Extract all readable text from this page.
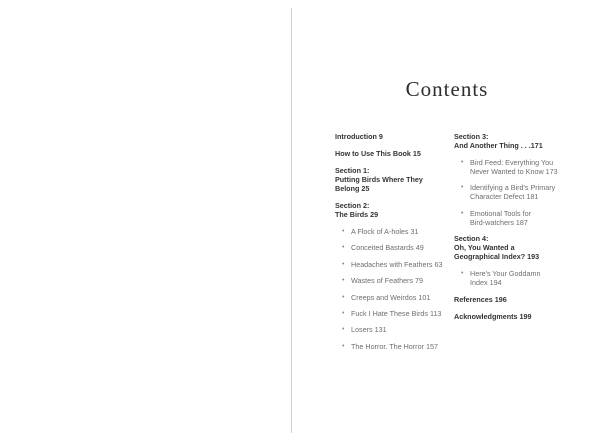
Contents
Introduction 9
How to Use This Book 15
Section 1:
Putting Birds Where They
Belong 25
Section 2:
The Birds 29
• A Flock of A-holes 31
• Conceited Bastards 49
• Headaches with Feathers 63
• Wastes of Feathers 79
• Creeps and Weirdos 101
• Fuck I Hate These Birds 113
• Losers 131
• The Horror. The Horror 157
Section 3:
And Another Thing . . .171
• Bird Feed: Everything You
Never Wanted to Know 173
• Identifying a Bird's Primary
Character Defect 181
• Emotional Tools for
Bird-watchers 187
Section 4:
Oh, You Wanted a
Geographical Index? 193
• Here's Your Goddamn
Index 194
References 196
Acknowledgments 199
